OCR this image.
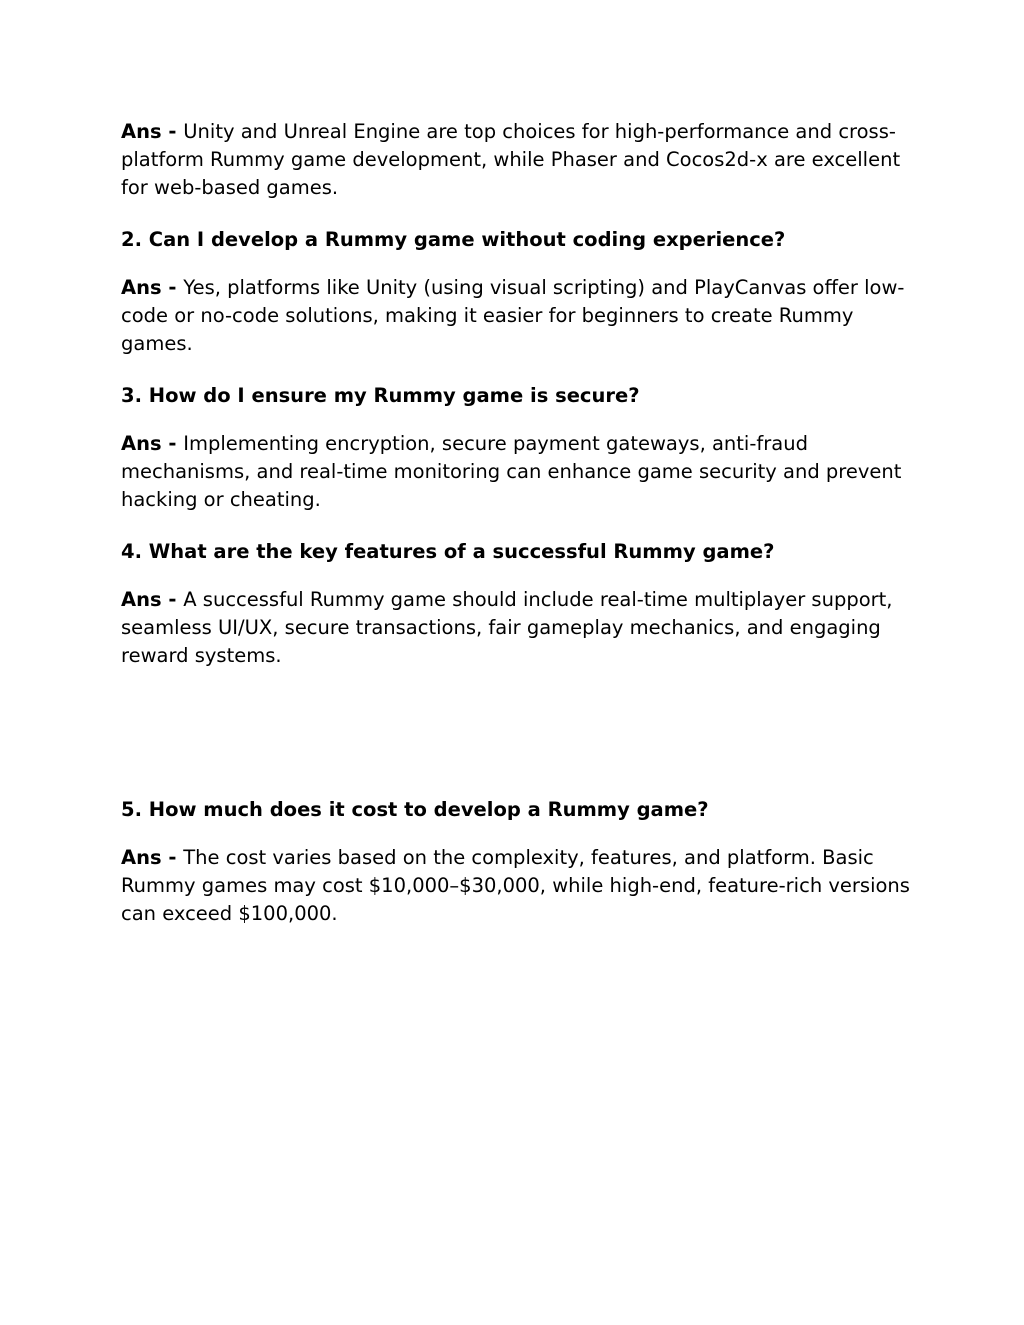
Ans - Unity and Unreal Engine are top choices for high-performance and cross-platform Rummy game development, while Phaser and Cocos2d-x are excellent for web-based games.

2. Can I develop a Rummy game without coding experience?

Ans - Yes, platforms like Unity (using visual scripting) and PlayCanvas offer low-code or no-code solutions, making it easier for beginners to create Rummy games.

3. How do I ensure my Rummy game is secure?

Ans - Implementing encryption, secure payment gateways, anti-fraud mechanisms, and real-time monitoring can enhance game security and prevent hacking or cheating.

4. What are the key features of a successful Rummy game?

Ans - A successful Rummy game should include real-time multiplayer support, seamless UI/UX, secure transactions, fair gameplay mechanics, and engaging reward systems.

5. How much does it cost to develop a Rummy game?

Ans - The cost varies based on the complexity, features, and platform. Basic Rummy games may cost $10,000–$30,000, while high-end, feature-rich versions can exceed $100,000.
